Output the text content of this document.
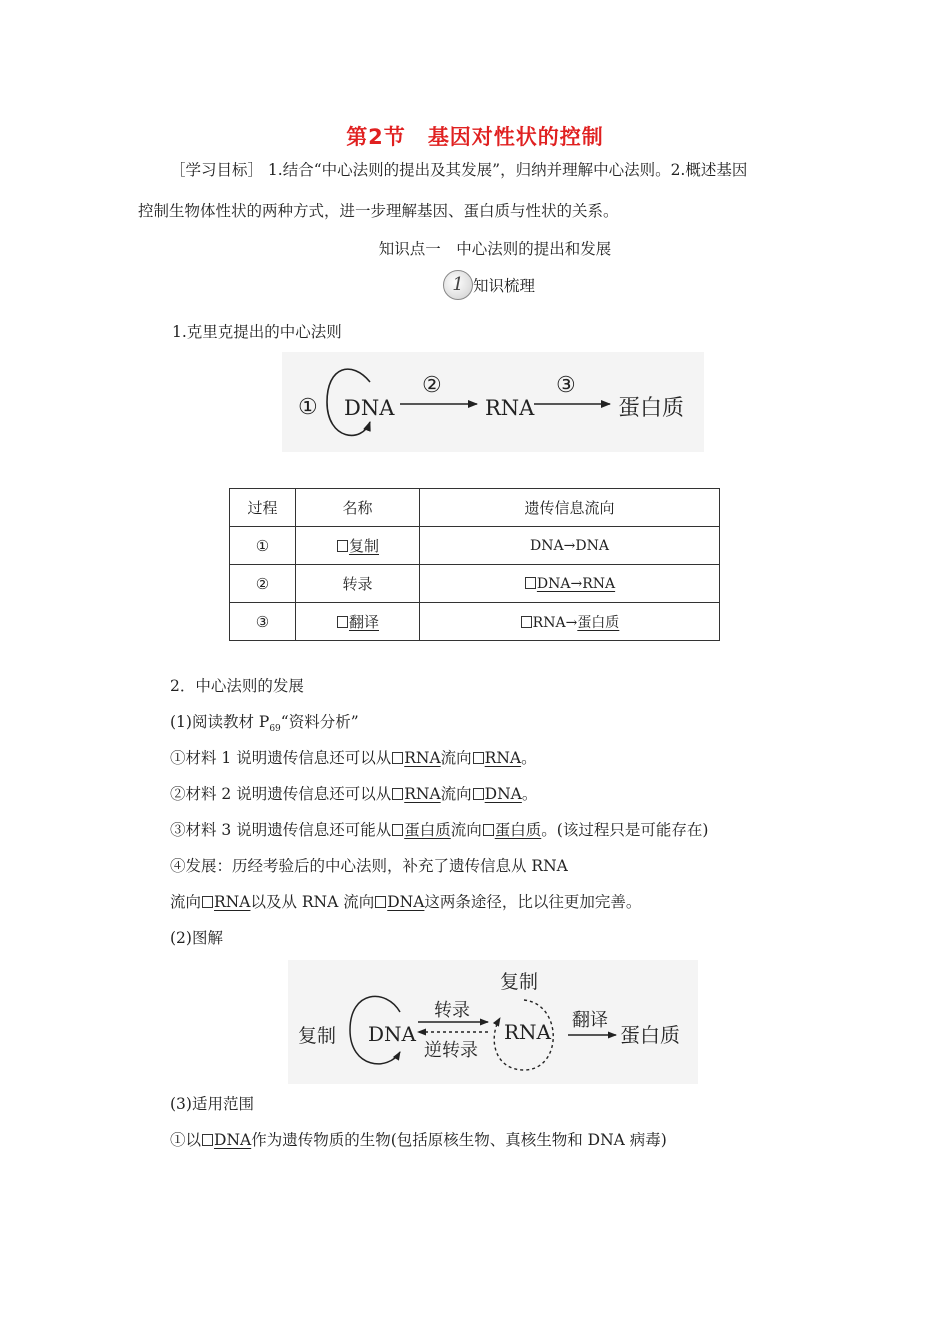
第2节 基因对性状的控制
［学习目标］ 1.结合“中心法则的提出及其发展”，归纳并理解中心法则。2.概述基因
控制生物体性状的两种方式，进一步理解基因、蛋白质与性状的关系。
知识点一　中心法则的提出和发展
1 知识梳理
1.克里克提出的中心法则
① DNA
②
RNA
③
蛋白质
过程	名称	遗传信息流向
①	复制	DNA→DNA
②	转录	DNA→RNA
③	翻译	RNA→蛋白质
2．中心法则的发展
(1)阅读教材 $P_{69}“$资料分析”
①材料 1 说明遗传信息还可以从 RNA流向 RNA。
②材料 2 说明遗传信息还可以从 RNA流向 DNA。
③材料 3 说明遗传信息还可能从 蛋白质流向 蛋白质。(该过程只是可能存在)
④发展：历经考验后的中心法则，补充了遗传信息从 RNA
流向 RNA以及从 RNA 流向 DNA这两条途径，比以往更加完善。
(2)图解
复制 DNA
转录
逆转录
复制
RNA 翻译
蛋白质
(3)适用范围
①以 DNA作为遗传物质的生物(包括原核生物、真核生物和 DNA 病毒)
